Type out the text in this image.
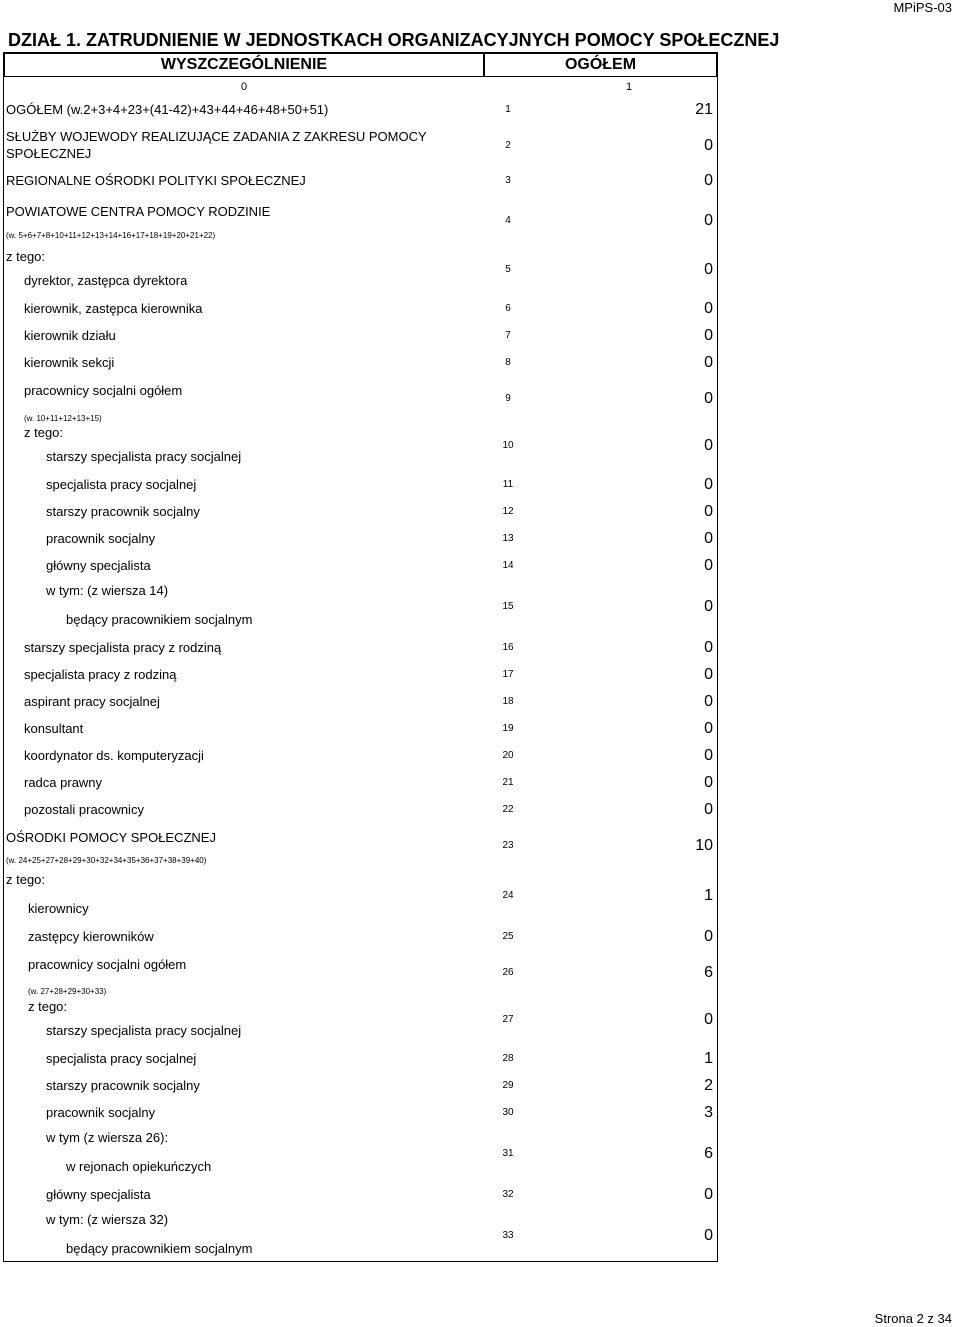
MPiPS-03
DZIAŁ 1. ZATRUDNIENIE W JEDNOSTKACH ORGANIZACYJNYCH POMOCY SPOŁECZNEJ
WYSZCZEGÓLNIENIE	OGÓŁEM
0	1
OGÓŁEM (w.2+3+4+23+(41-42)+43+44+46+48+50+51)	1	21
SŁUŻBY WOJEWODY REALIZUJĄCE ZADANIA Z ZAKRESU POMOCY
SPOŁECZNEJ
2	0
REGIONALNE OŚRODKI POLITYKI SPOŁECZNEJ	3	0
POWIATOWE CENTRA POMOCY RODZINIE
(w. 5+6+7+8+10+11+12+13+14+16+17+18+19+20+21+22)
4	0
z tego:
dyrektor, zastępca dyrektora
5	0
kierownik, zastępca kierownika	6	0
kierownik działu	7	0
kierownik sekcji	8	0
pracownicy socjalni ogółem
(w. 10+11+12+13+15)
9	0
z tego:
starszy specjalista pracy socjalnej
10	0
specjalista pracy socjalnej	11	0
starszy pracownik socjalny	12	0
pracownik socjalny	13	0
główny specjalista	14	0
w tym: (z wiersza 14)
będący pracownikiem socjalnym
15	0
starszy specjalista pracy z rodziną	16	0
specjalista pracy z rodziną	17	0
aspirant pracy socjalnej	18	0
konsultant	19	0
koordynator ds. komputeryzacji	20	0
radca prawny	21	0
pozostali pracownicy	22	0
OŚRODKI POMOCY SPOŁECZNEJ
(w. 24+25+27+28+29+30+32+34+35+36+37+38+39+40)
23	10
z tego:
kierownicy
24	1
zastępcy kierowników	25	0
pracownicy socjalni ogółem
(w. 27+28+29+30+33)
26	6
z tego:
starszy specjalista pracy socjalnej
27	0
specjalista pracy socjalnej	28	1
starszy pracownik socjalny	29	2
pracownik socjalny	30	3
w tym (z wiersza 26):
w rejonach opiekuńczych
31	6
główny specjalista	32	0
w tym: (z wiersza 32)
będący pracownikiem socjalnym
33	0
Strona 2 z 34
